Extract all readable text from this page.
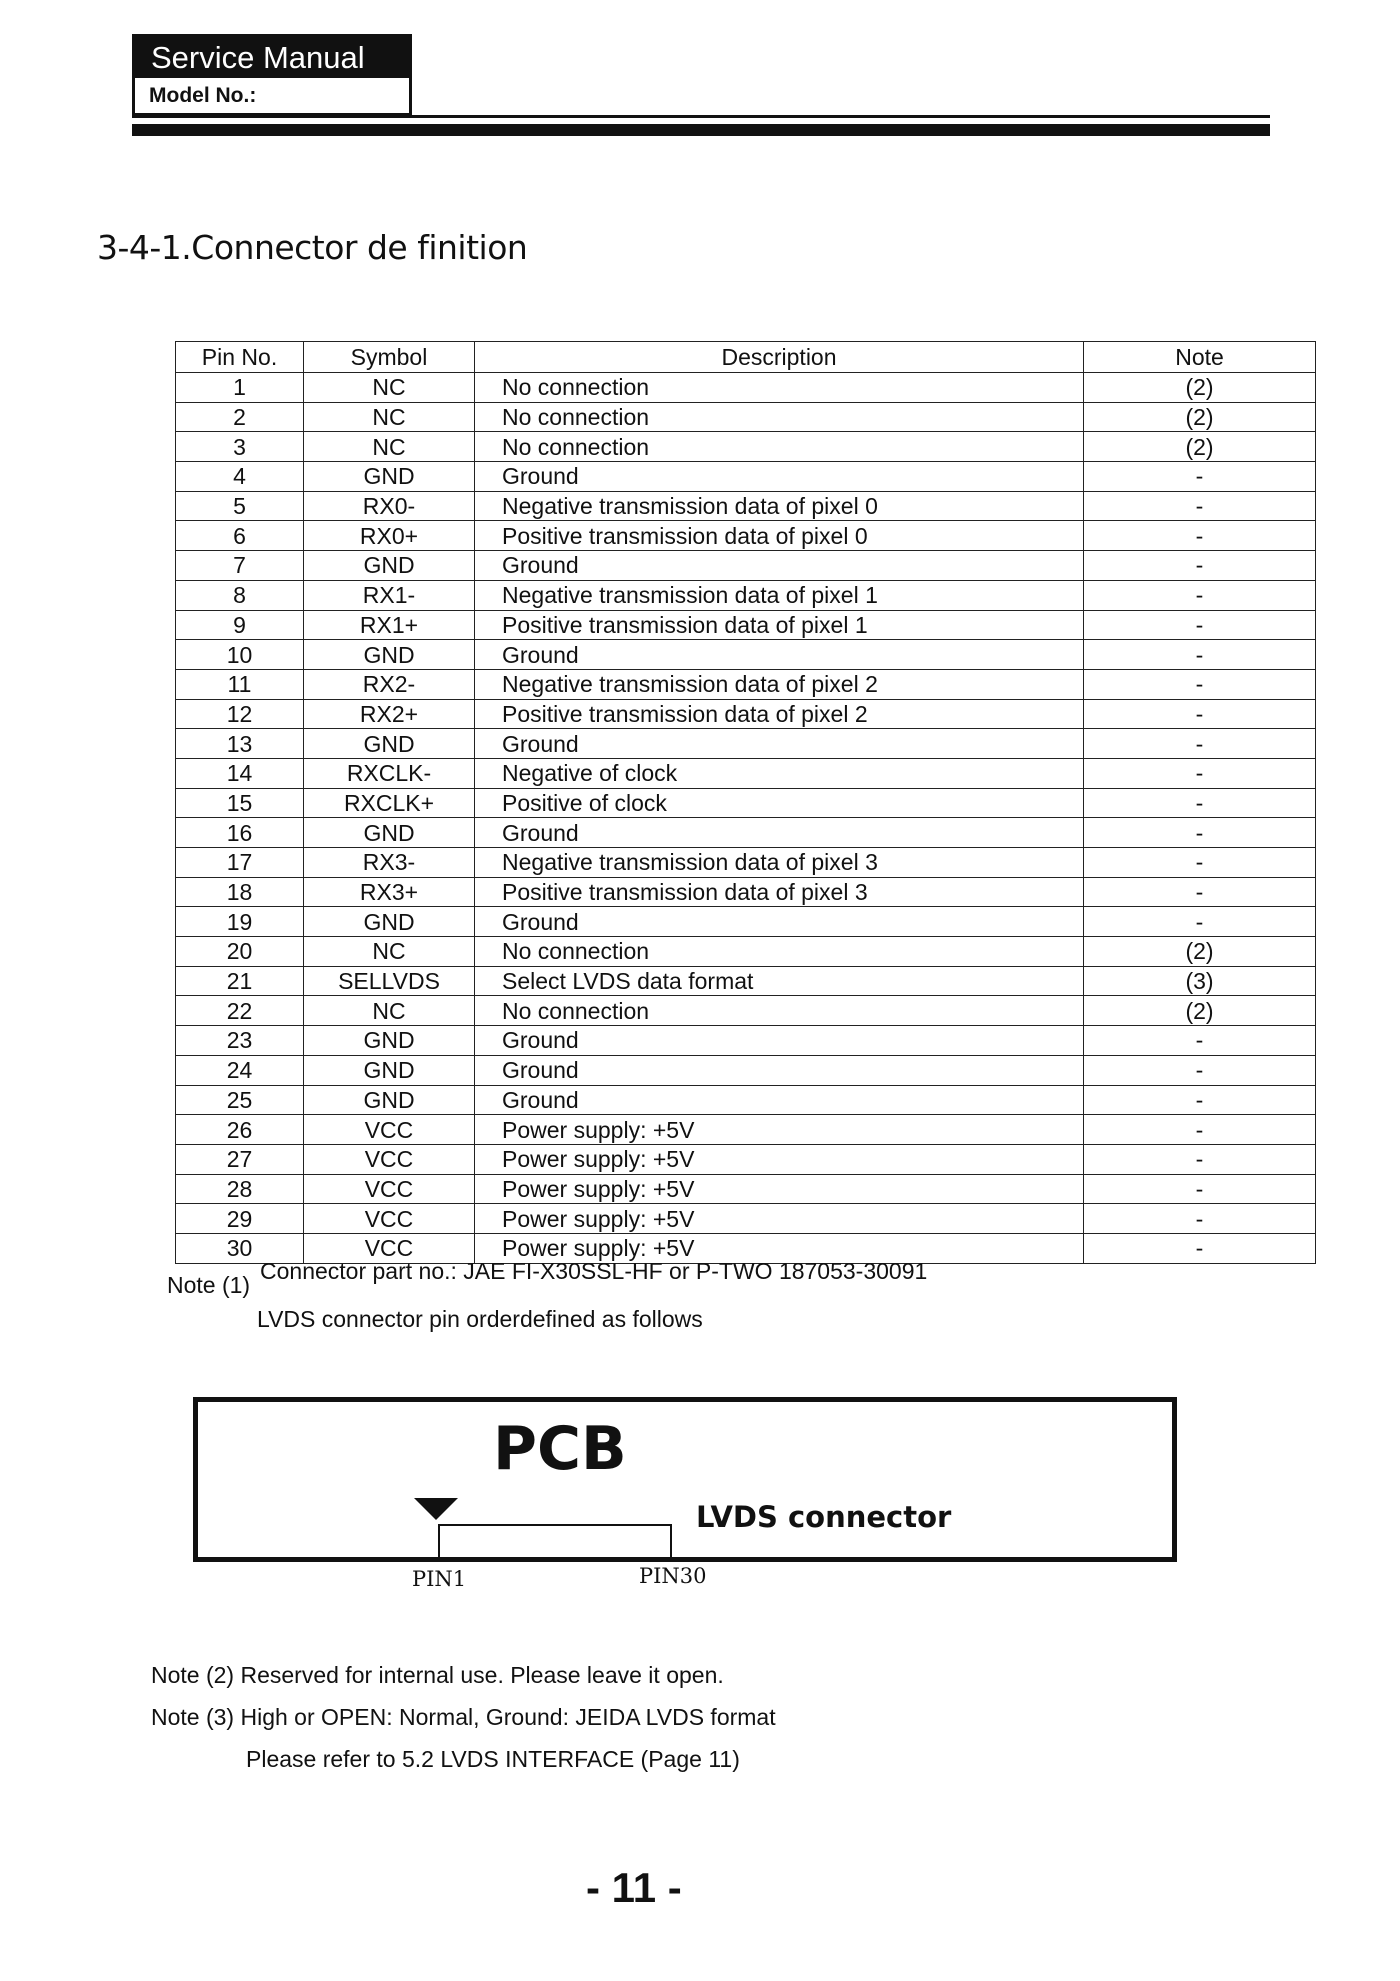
Service Manual
Model No.:
3-4-1.Connector de finition
Pin No.	Symbol	Description	Note
1	NC	No connection	(2)
2	NC	No connection	(2)
3	NC	No connection	(2)
4	GND	Ground	-
5	RX0-	Negative transmission data of pixel 0	-
6	RX0+	Positive transmission data of pixel 0	-
7	GND	Ground	-
8	RX1-	Negative transmission data of pixel 1	-
9	RX1+	Positive transmission data of pixel 1	-
10	GND	Ground	-
11	RX2-	Negative transmission data of pixel 2	-
12	RX2+	Positive transmission data of pixel 2	-
13	GND	Ground	-
14	RXCLK-	Negative of clock	-
15	RXCLK+	Positive of clock	-
16	GND	Ground	-
17	RX3-	Negative transmission data of pixel 3	-
18	RX3+	Positive transmission data of pixel 3	-
19	GND	Ground	-
20	NC	No connection	(2)
21	SELLVDS	Select LVDS data format	(3)
22	NC	No connection	(2)
23	GND	Ground	-
24	GND	Ground	-
25	GND	Ground	-
26	VCC	Power supply: +5V	-
27	VCC	Power supply: +5V	-
28	VCC	Power supply: +5V	-
29	VCC	Power supply: +5V	-
30	VCC	Power supply: +5V	-
Note (1)
Connector part no.: JAE FI-X30SSL-HF or P-TWO 187053-30091
LVDS connector pin orderdefined as follows
PCB
LVDS connector
PIN1	PIN30
Note (2) Reserved for internal use. Please leave it open.
Note (3) High or OPEN: Normal, Ground: JEIDA LVDS format
Please refer to 5.2 LVDS INTERFACE (Page 11)
- 11 -
